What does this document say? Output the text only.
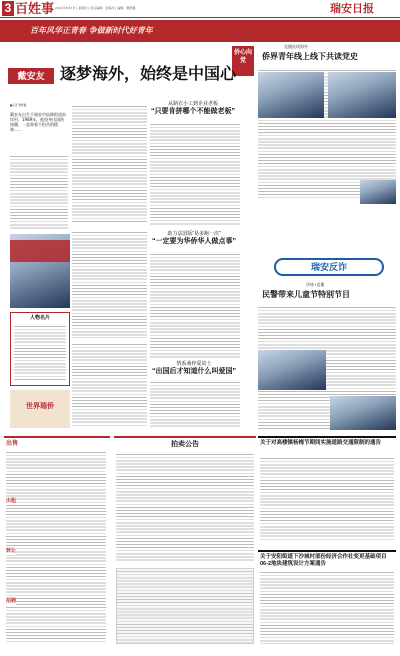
3 百姓事 2021年8月3日 | 星期四 | 责任编辑：金海涛 | 编辑：曹舒鑫	瑞安日报
百年风华正青春 争做新时代好青年
侨心向党
戴安友 逐梦海外，始终是中国心
■记者 曹舒鑫
戴安友出生于瑞安市仙降街道前垟村，1989年，他投身出国的热潮，一直靠着不怕苦的精神……
从制衣小工到企业老板
“只要肯拼哪个不能做老板”
助力法国版“易多跑一次”
“一定要为华侨华人做点事”
人物名片
世界瑞侨
情系桑梓爱故土
“出国后才知道什么叫爱国”
直播连线海外
侨界青年线上线下共读党史
瑞安反诈
讲座+直播
民警带来儿童节特别节目
出售
出租
转让
招聘
拍卖公告	关于对高楼镇杨梅节期间实施道路交通限制的通告
关于安阳街道下沙城村部份经济合作社变更基础项目06-2地块建筑设计方案通告
